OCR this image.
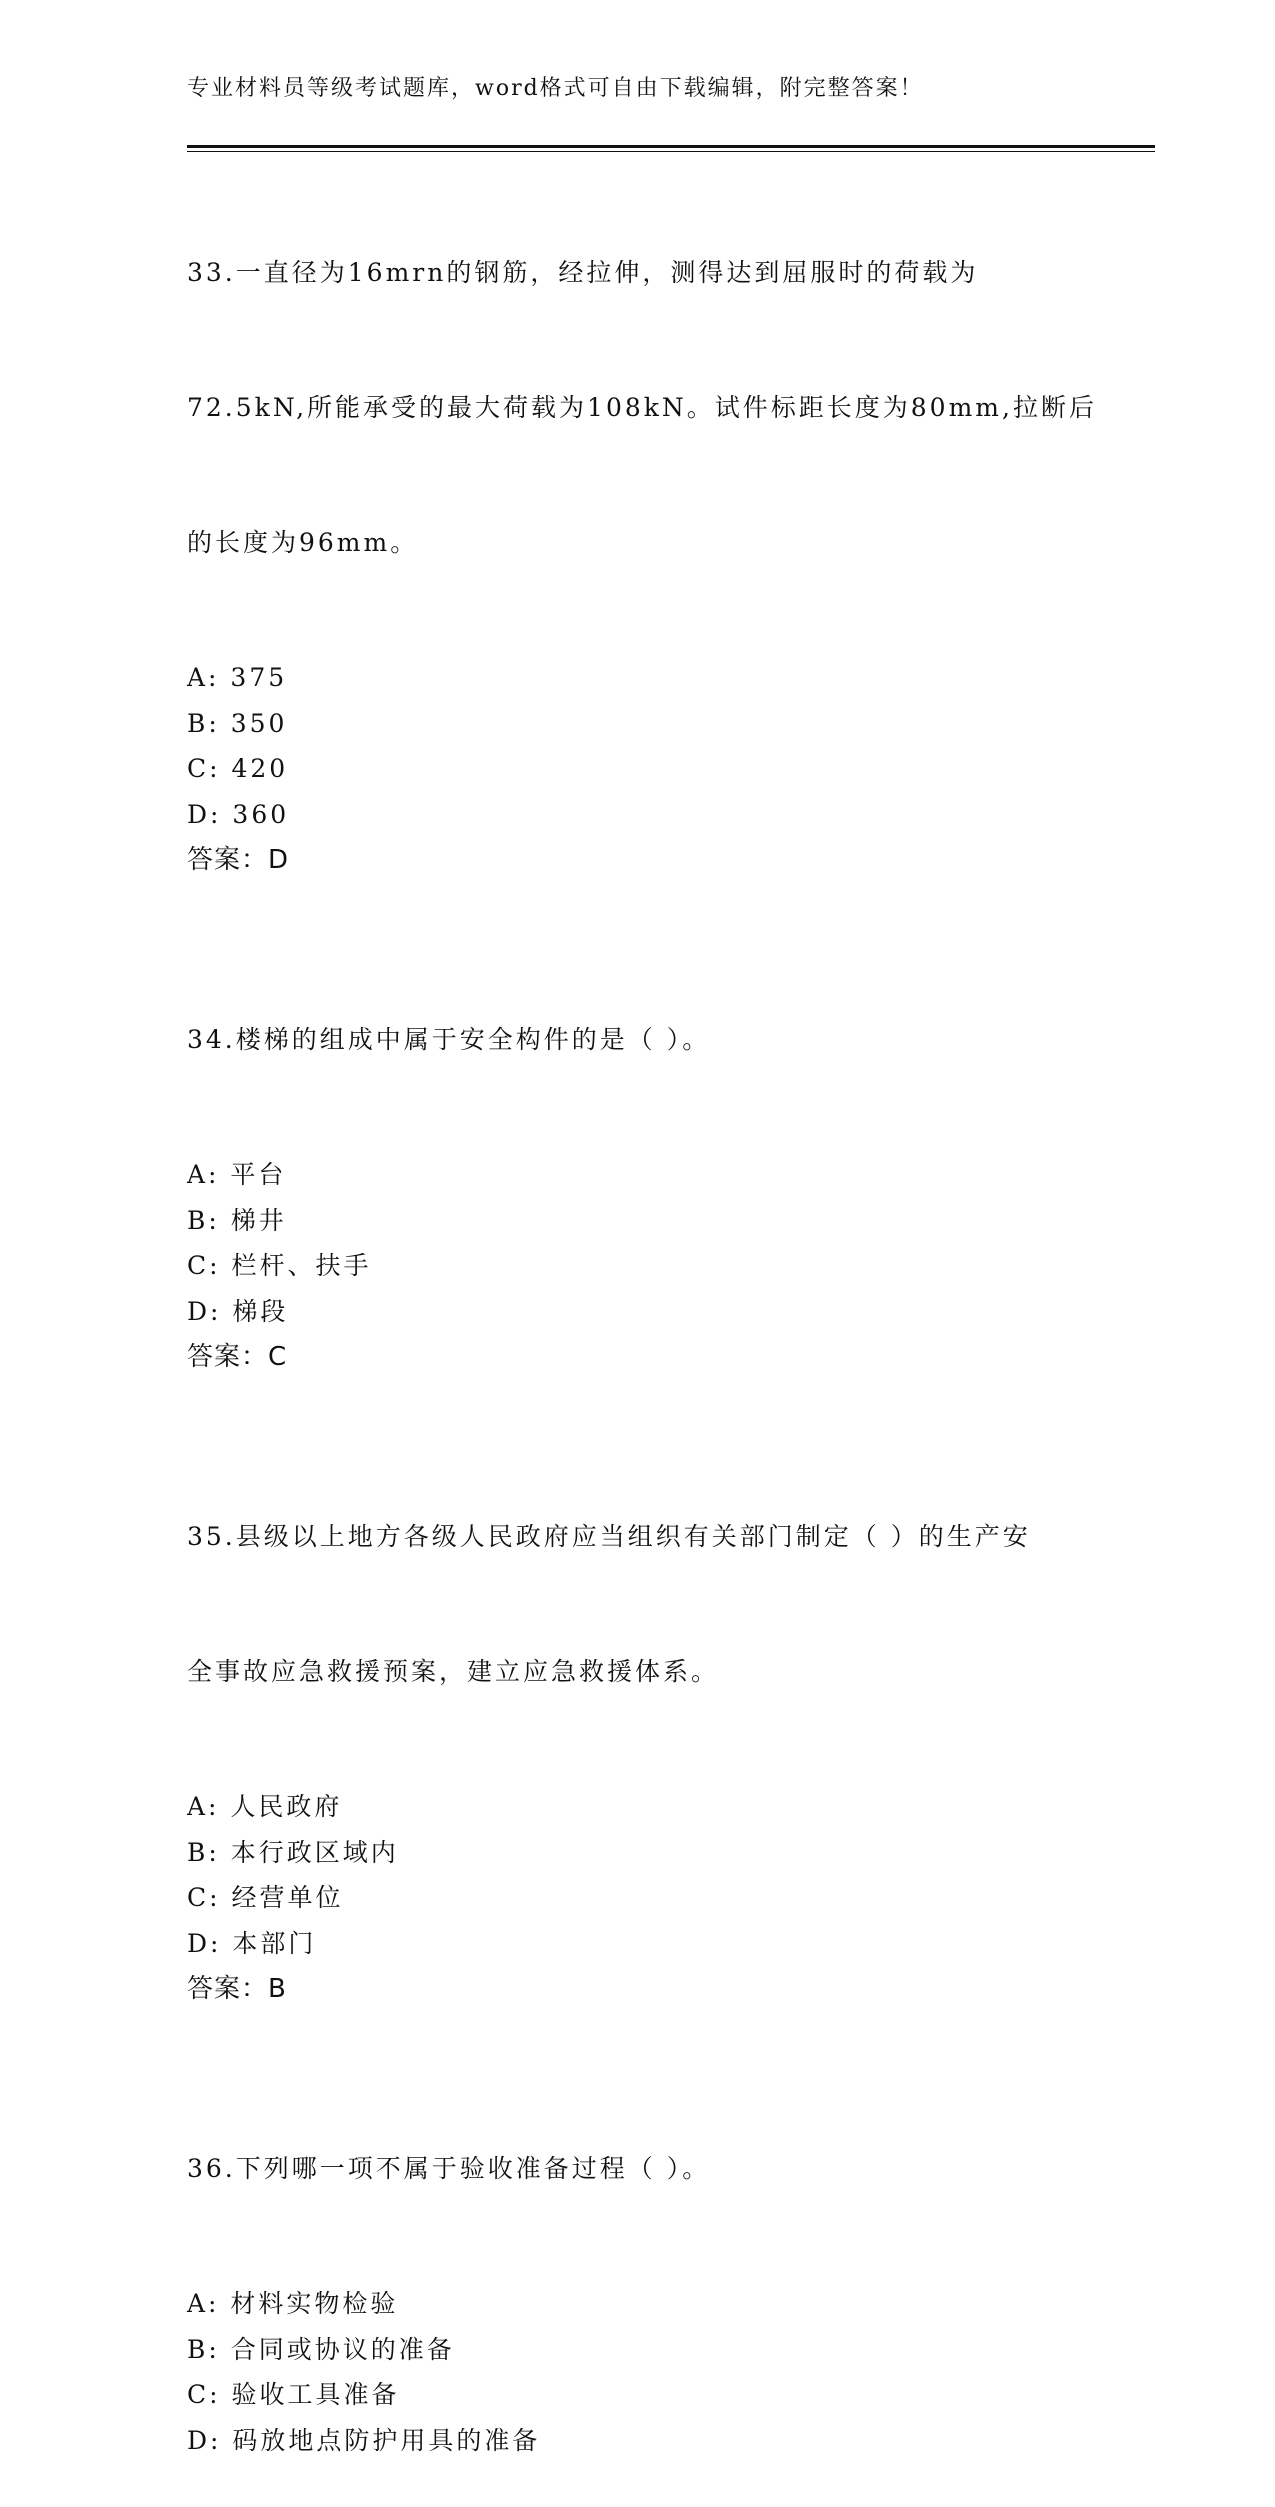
专业材料员等级考试题库，word格式可自由下载编辑，附完整答案！

33.一直径为16mrn的钢筋，经拉伸，测得达到屈服时的荷载为

72.5kN,所能承受的最大荷载为108kN。试件标距长度为80mm,拉断后

的长度为96mm。

A: 375
B: 350
C: 420
D: 360
答案：D

34.楼梯的组成中属于安全构件的是（ ）。

A: 平台
B: 梯井
C: 栏杆、扶手
D: 梯段
答案：C

35.县级以上地方各级人民政府应当组织有关部门制定（ ）的生产安

全事故应急救援预案，建立应急救援体系。

A: 人民政府
B: 本行政区域内
C: 经营单位
D: 本部门
答案：B

36.下列哪一项不属于验收准备过程（ ）。

A: 材料实物检验
B: 合同或协议的准备
C: 验收工具准备
D: 码放地点防护用具的准备
